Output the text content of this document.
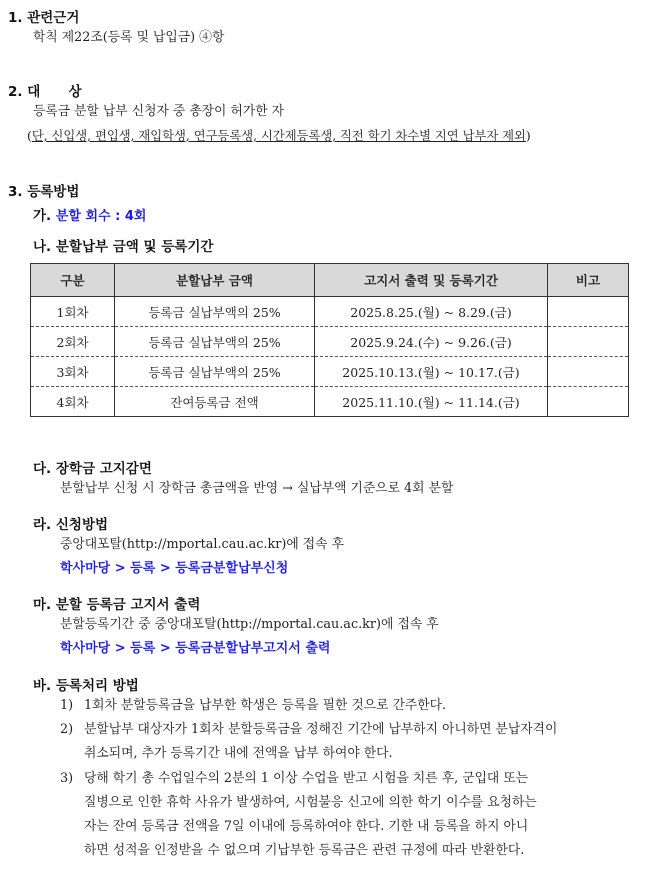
1. 관련근거
학칙 제22조(등록 및 납입금) ④항
2. 대      상
등록금 분할 납부 신청자 중 총장이 허가한 자
(단, 신입생, 편입생, 재입학생, 연구등록생, 시간제등록생, 직전 학기 차수별 지연 납부자 제외)
3. 등록방법
가. 분할 회수 : 4회
나. 분할납부 금액 및 등록기간
구분	분할납부 금액	고지서 출력 및 등록기간	비고
1회차	등록금 실납부액의 25%	2025.8.25.(월) ~ 8.29.(금)	
2회차	등록금 실납부액의 25%	2025.9.24.(수) ~ 9.26.(금)	
3회차	등록금 실납부액의 25%	2025.10.13.(월) ~ 10.17.(금)	
4회차	잔여등록금 전액	2025.11.10.(월) ~ 11.14.(금)	
다. 장학금 고지감면
분할납부 신청 시 장학금 총금액을 반영 → 실납부액 기준으로 4회 분할
라. 신청방법
중앙대포탈(http://mportal.cau.ac.kr)에 접속 후
학사마당 > 등록 > 등록금분할납부신청
마. 분할 등록금 고지서 출력
분할등록기간 중 중앙대포탈(http://mportal.cau.ac.kr)에 접속 후
학사마당 > 등록 > 등록금분할납부고지서 출력
바. 등록처리 방법
1) 1회차 분할등록금을 납부한 학생은 등록을 필한 것으로 간주한다.
2) 분할납부 대상자가 1회차 분할등록금을 정해진 기간에 납부하지 아니하면 분납자격이
취소되며, 추가 등록기간 내에 전액을 납부 하여야 한다.
3) 당해 학기 총 수업일수의 2분의 1 이상 수업을 받고 시험을 치른 후, 군입대 또는
질병으로 인한 휴학 사유가 발생하여, 시험불응 신고에 의한 학기 이수를 요청하는
자는 잔여 등록금 전액을 7일 이내에 등록하여야 한다. 기한 내 등록을 하지 아니
하면 성적을 인정받을 수 없으며 기납부한 등록금은 관련 규정에 따라 반환한다.
